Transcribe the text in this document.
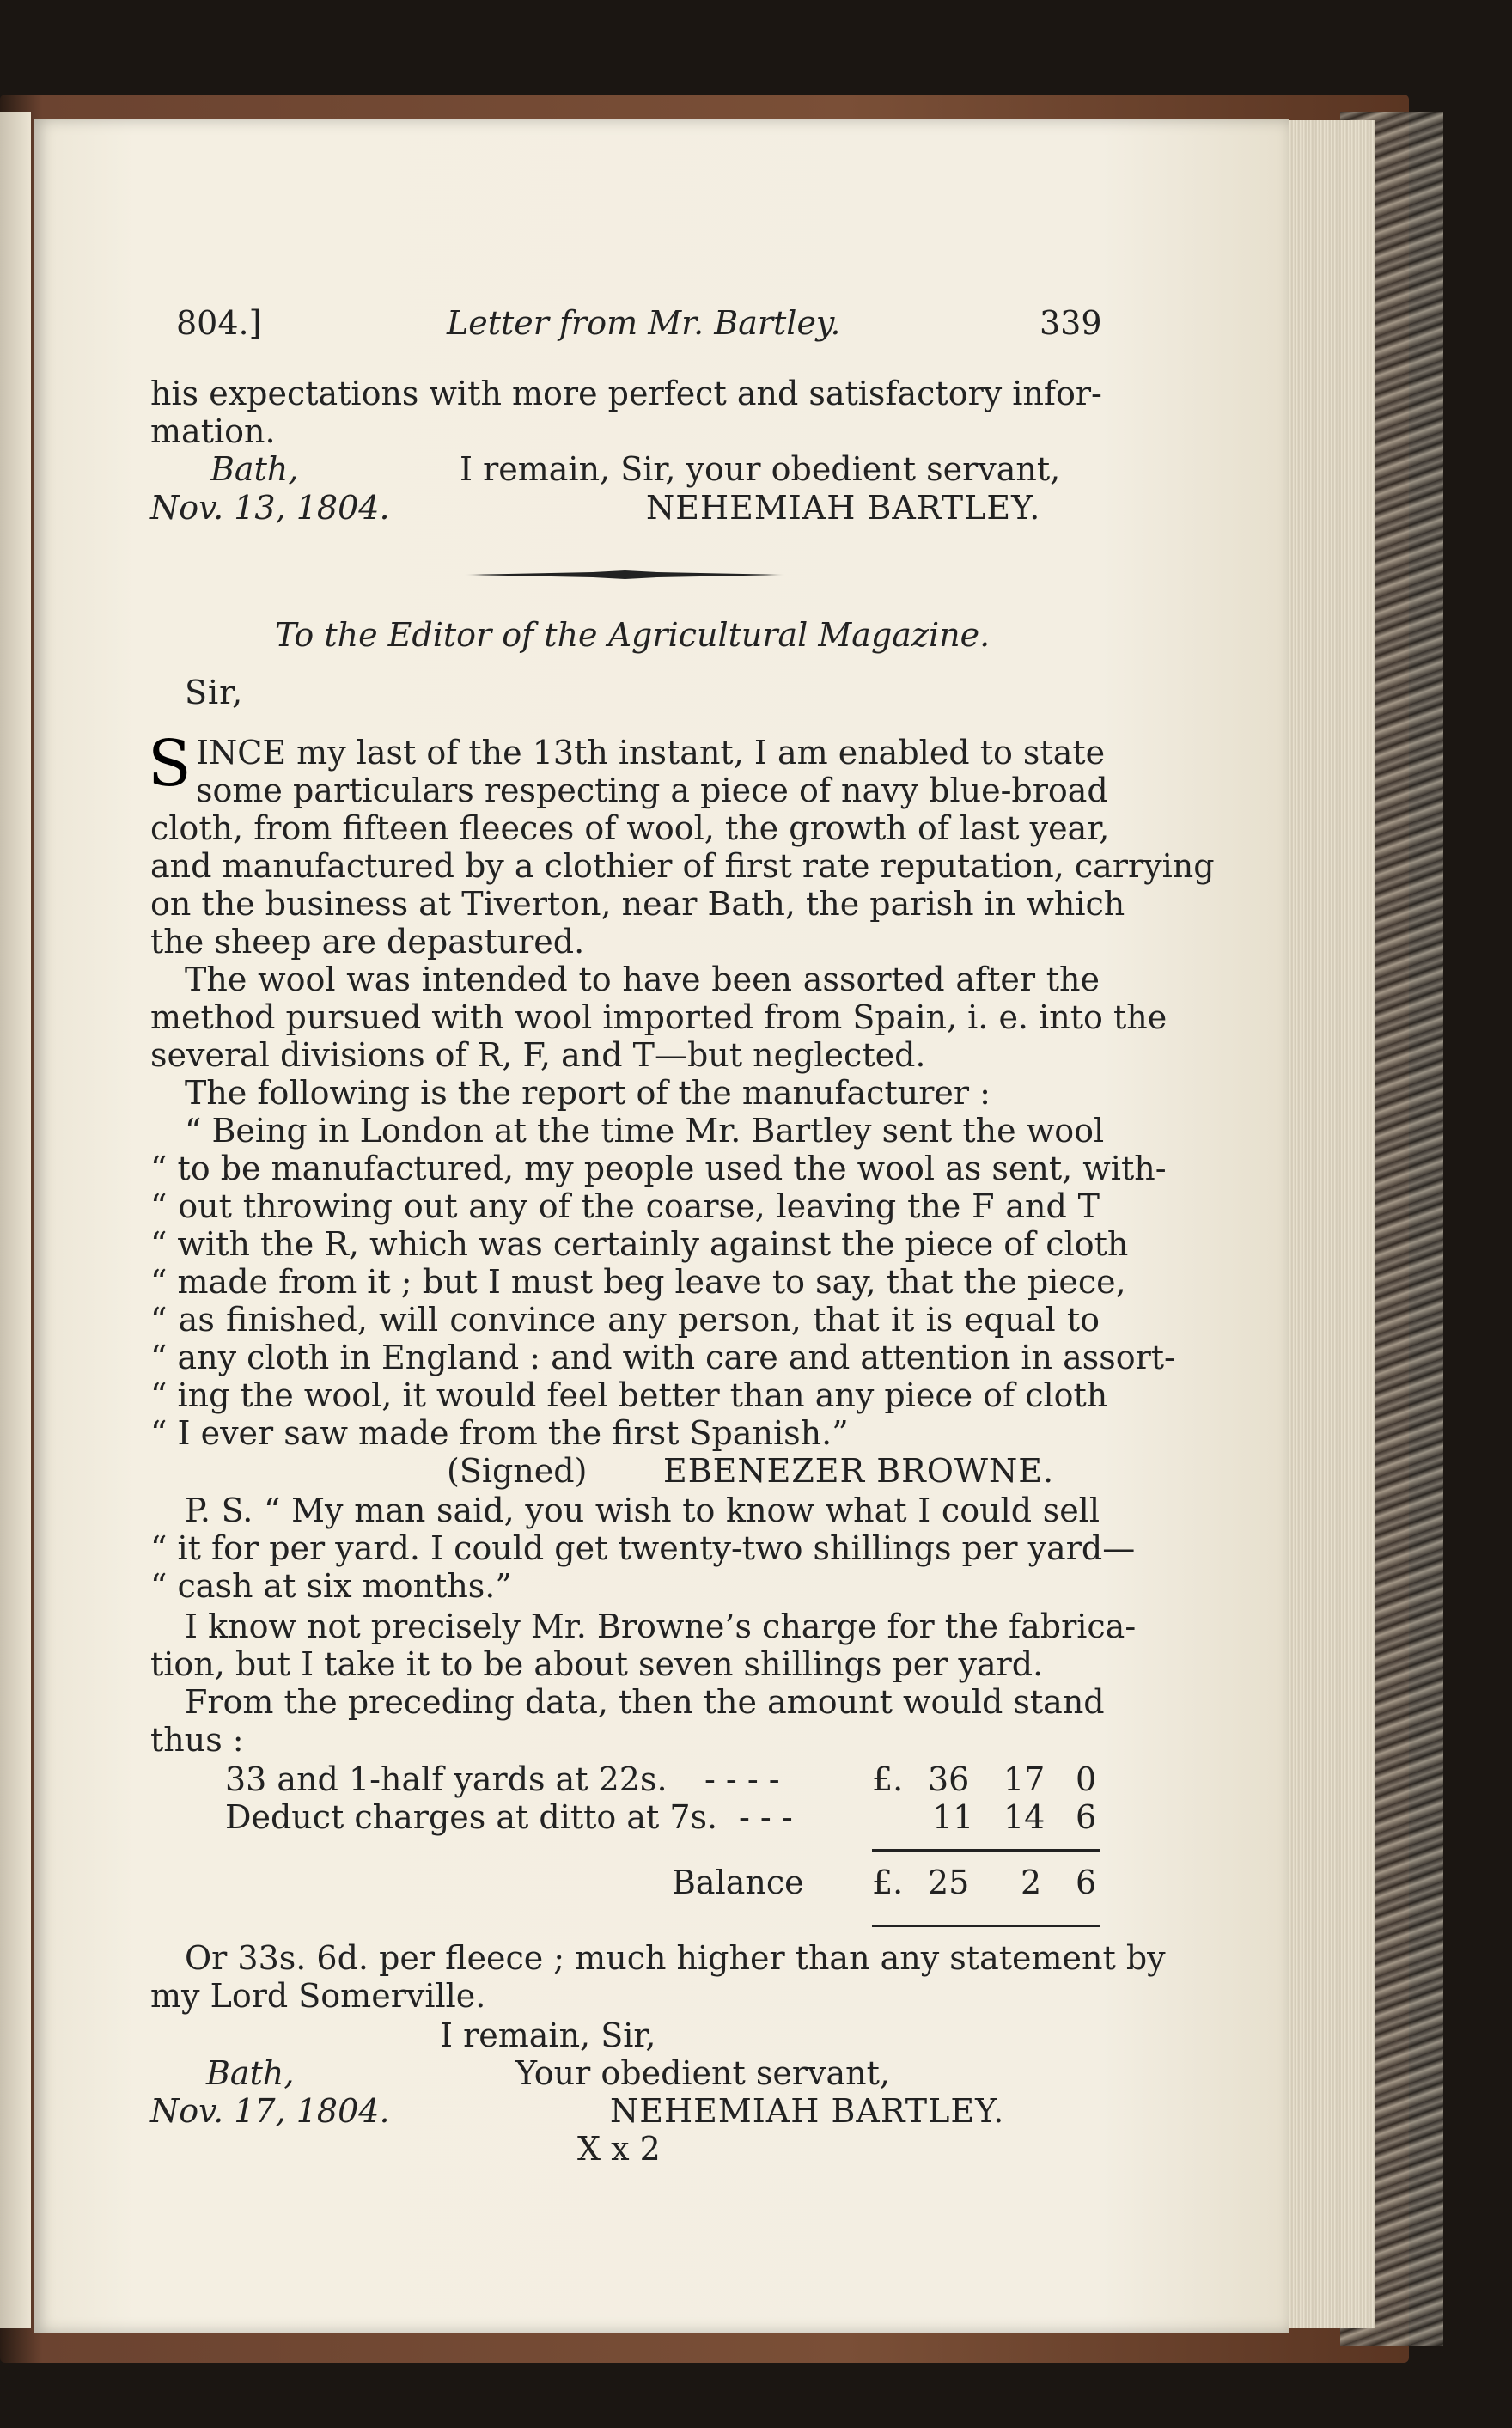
804.]	Letter from Mr. Bartley.	339
his expectations with more perfect and satisfactory infor-
mation.
Bath,	I remain, Sir, your obedient servant,
Nov. 13, 1804.	NEHEMIAH BARTLEY.
To the Editor of the Agricultural Magazine.
Sir,
S INCE my last of the 13th instant, I am enabled to state
some particulars respecting a piece of navy blue-broad
cloth, from fifteen fleeces of wool, the growth of last year,
and manufactured by a clothier of first rate reputation, carrying
on the business at Tiverton, near Bath, the parish in which
the sheep are depastured.
The wool was intended to have been assorted after the
method pursued with wool imported from Spain, i. e. into the
several divisions of R, F, and T—but neglected.
The following is the report of the manufacturer :
“ Being in London at the time Mr. Bartley sent the wool
“ to be manufactured, my people used the wool as sent, with-
“ out throwing out any of the coarse, leaving the F and T
“ with the R, which was certainly against the piece of cloth
“ made from it ; but I must beg leave to say, that the piece,
“ as finished, will convince any person, that it is equal to
“ any cloth in England : and with care and attention in assort-
“ ing the wool, it would feel better than any piece of cloth
“ I ever saw made from the first Spanish.”
(Signed) EBENEZER BROWNE.
P. S. “ My man said, you wish to know what I could sell
“ it for per yard. I could get twenty-two shillings per yard—
“ cash at six months.”
I know not precisely Mr. Browne’s charge for the fabrica-
tion, but I take it to be about seven shillings per yard.
From the preceding data, then the amount would stand
thus :
33 and 1-half yards at 22s. - - - -	£. 36 17 0
Deduct charges at ditto at 7s. - - -	11 14 6
Balance £. 25 2 6
Or 33s. 6d. per fleece ; much higher than any statement by
my Lord Somerville.
I remain, Sir,
Bath,	Your obedient servant,
Nov. 17, 1804.	NEHEMIAH BARTLEY.
X x 2
